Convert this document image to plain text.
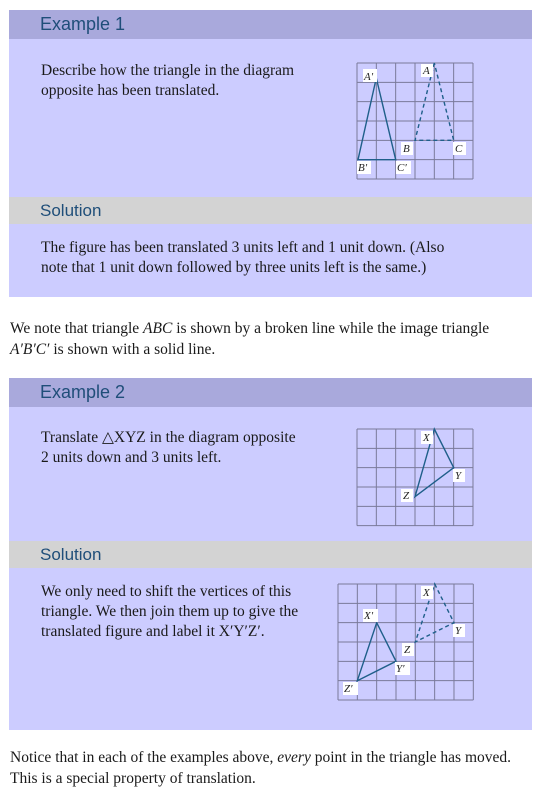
Example 1
Describe how the triangle in the diagram
opposite has been translated.
A′	A
B	C
B′	C′
Solution
The figure has been translated 3 units left and 1 unit down. (Also
note that 1 unit down followed by three units left is the same.)
We note that triangle ABC is shown by a broken line while the image triangle A′B′C′ is shown with a solid line.
Example 2
Translate △XYZ in the diagram opposite
2 units down and 3 units left.
X
Y
Z
Solution
We only need to shift the vertices of this
triangle. We then join them up to give the
translated figure and label it X′Y′Z′.
X
Y
Z
X′
Y′
Z′
Notice that in each of the examples above, every point in the triangle has moved. This is a special property of translation.
